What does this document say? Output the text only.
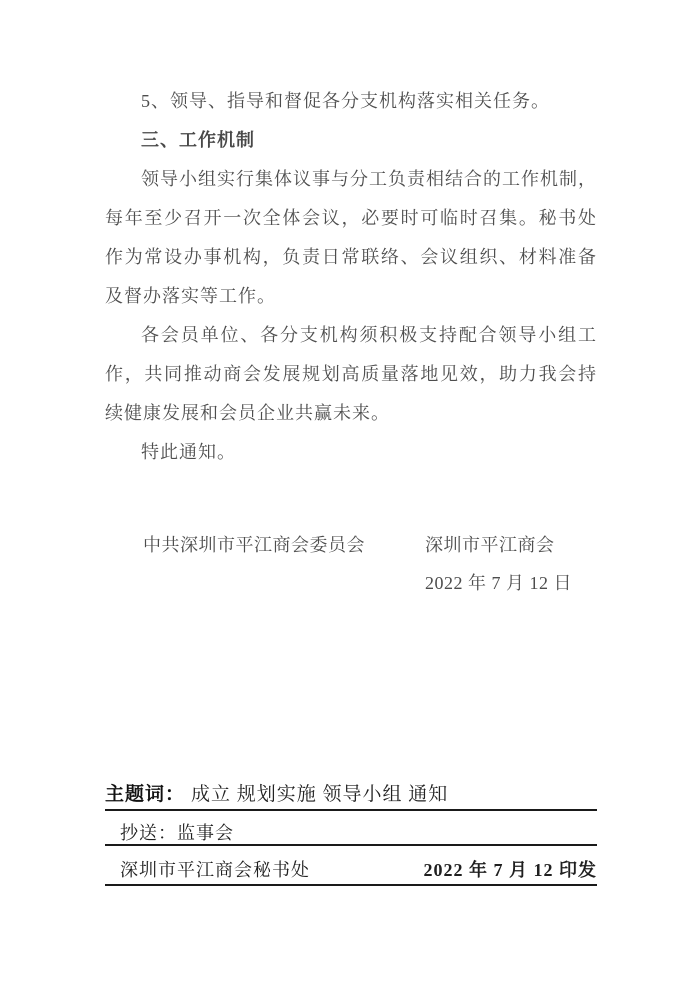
5、领导、指导和督促各分支机构落实相关任务。

三、工作机制

领导小组实行集体议事与分工负责相结合的工作机制，每年至少召开一次全体会议，必要时可临时召集。秘书处作为常设办事机构，负责日常联络、会议组织、材料准备及督办落实等工作。

各会员单位、各分支机构须积极支持配合领导小组工作，共同推动商会发展规划高质量落地见效，助力我会持续健康发展和会员企业共赢未来。

特此通知。

中共深圳市平江商会委员会	深圳市平江商会
2022 年 7 月 12 日
主题词： 成立 规划实施 领导小组 通知
抄送：监事会
深圳市平江商会秘书处	2022 年 7 月 12 印发
